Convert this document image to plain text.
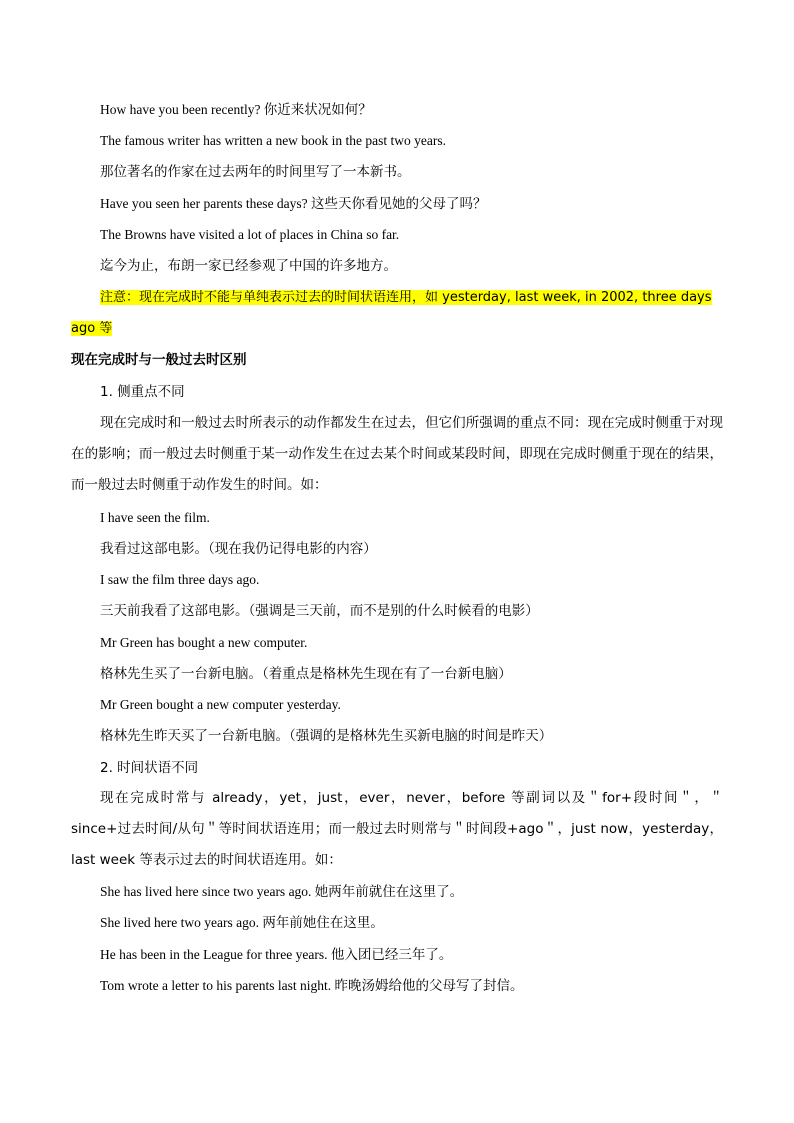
How have you been recently? 你近来状况如何？
The famous writer has written a new book in the past two years.
那位著名的作家在过去两年的时间里写了一本新书。
Have you seen her parents these days? 这些天你看见她的父母了吗？
The Browns have visited a lot of places in China so far.
迄今为止，布朗一家已经参观了中国的许多地方。
注意：现在完成时不能与单纯表示过去的时间状语连用，如 yesterday, last week, in 2002, three days ago 等
现在完成时与一般过去时区别
1. 侧重点不同
现在完成时和一般过去时所表示的动作都发生在过去，但它们所强调的重点不同：现在完成时侧重于对现在的影响；而一般过去时侧重于某一动作发生在过去某个时间或某段时间，即现在完成时侧重于现在的结果，而一般过去时侧重于动作发生的时间。如：
I have seen the film.
我看过这部电影。（现在我仍记得电影的内容）
I saw the film three days ago.
三天前我看了这部电影。（强调是三天前，而不是别的什么时候看的电影）
Mr Green has bought a new computer.
格林先生买了一台新电脑。（着重点是格林先生现在有了一台新电脑）
Mr Green bought a new computer yesterday.
格林先生昨天买了一台新电脑。（强调的是格林先生买新电脑的时间是昨天）
2. 时间状语不同
现在完成时常与 already，yet，just，ever，never，before 等副词以及＂for+段时间＂，＂since+过去时间/从句＂等时间状语连用；而一般过去时则常与＂时间段+ago＂，just now，yesterday，last week 等表示过去的时间状语连用。如：
She has lived here since two years ago. 她两年前就住在这里了。
She lived here two years ago. 两年前她住在这里。
He has been in the League for three years. 他入团已经三年了。
Tom wrote a letter to his parents last night. 昨晚汤姆给他的父母写了封信。
